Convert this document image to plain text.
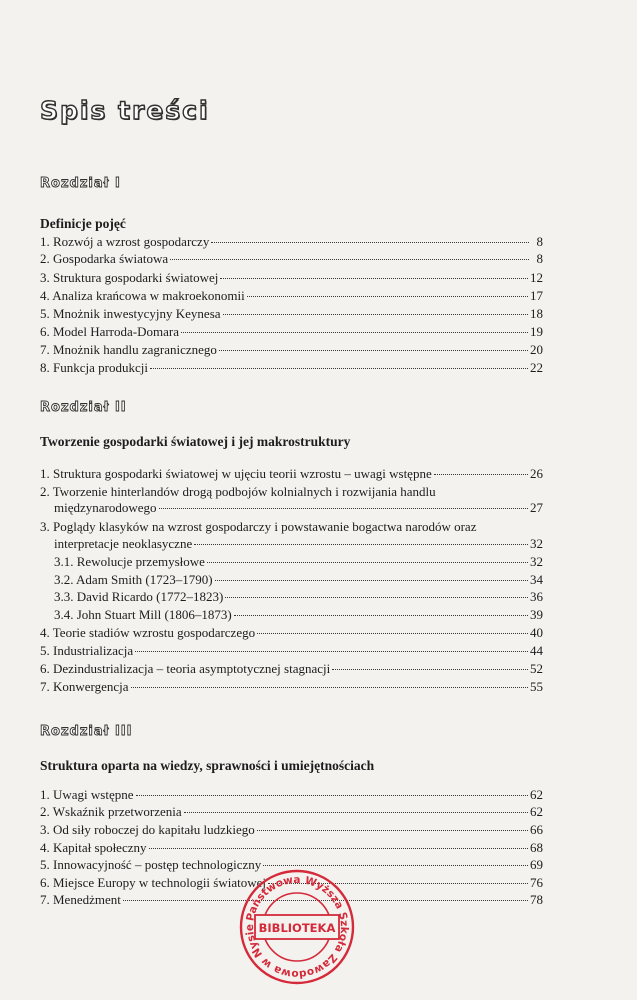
Spis treści
Rozdział I
Definicje pojęć
1. Rozwój a wzrost gospodarczy	8
2. Gospodarka światowa	8
3. Struktura gospodarki światowej	12
4. Analiza krańcowa w makroekonomii	17
5. Mnożnik inwestycyjny Keynesa	18
6. Model Harroda-Domara	19
7. Mnożnik handlu zagranicznego	20
8. Funkcja produkcji	22
Rozdział II
Tworzenie gospodarki światowej i jej makrostruktury
1. Struktura gospodarki światowej w ujęciu teorii wzrostu – uwagi wstępne	26
2. Tworzenie hinterlandów drogą podbojów kolnialnych i rozwijania handlu
międzynarodowego	27
3. Poglądy klasyków na wzrost gospodarczy i powstawanie bogactwa narodów oraz
interpretacje neoklasyczne	32
3.1. Rewolucje przemysłowe	32
3.2. Adam Smith (1723–1790)	34
3.3. David Ricardo (1772–1823)	36
3.4. John Stuart Mill (1806–1873)	39
4. Teorie stadiów wzrostu gospodarczego	40
5. Industrializacja	44
6. Dezindustrializacja – teoria asymptotycznej stagnacji	52
7. Konwergencja	55
Rozdział III
Struktura oparta na wiedzy, sprawności i umiejętnościach
1. Uwagi wstępne	62
2. Wskaźnik przetworzenia	62
3. Od siły roboczej do kapitału ludzkiego	66
4. Kapitał społeczny	68
5. Innowacyjność – postęp technologiczny	69
6. Miejsce Europy w technologii światowej	76
7. Menedżment	78
Państwowa Wyższa Szkoła Zawodowa w Nysie BIBLIOTEKA
